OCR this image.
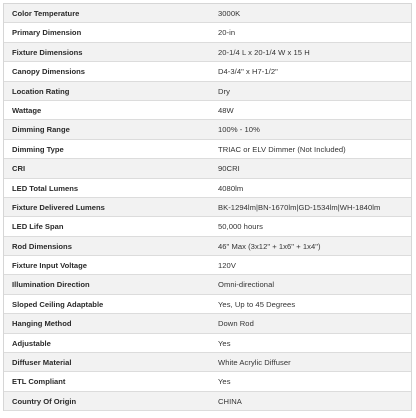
Color Temperature	3000K
Primary Dimension	20-in
Fixture Dimensions	20-1/4 L x 20-1/4 W x 15 H
Canopy Dimensions	D4-3/4" x H7-1/2"
Location Rating	Dry
Wattage	48W
Dimming Range	100% - 10%
Dimming Type	TRIAC or ELV Dimmer (Not Included)
CRI	90CRI
LED Total Lumens	4080lm
Fixture Delivered Lumens	BK-1294lm|BN-1670lm|GD-1534lm|WH-1840lm
LED Life Span	50,000 hours
Rod Dimensions	46" Max (3x12" + 1x6" + 1x4")
Fixture Input Voltage	120V
Illumination Direction	Omni-directional
Sloped Ceiling Adaptable	Yes, Up to 45 Degrees
Hanging Method	Down Rod
Adjustable	Yes
Diffuser Material	White Acrylic Diffuser
ETL Compliant	Yes
Country Of Origin	CHINA
